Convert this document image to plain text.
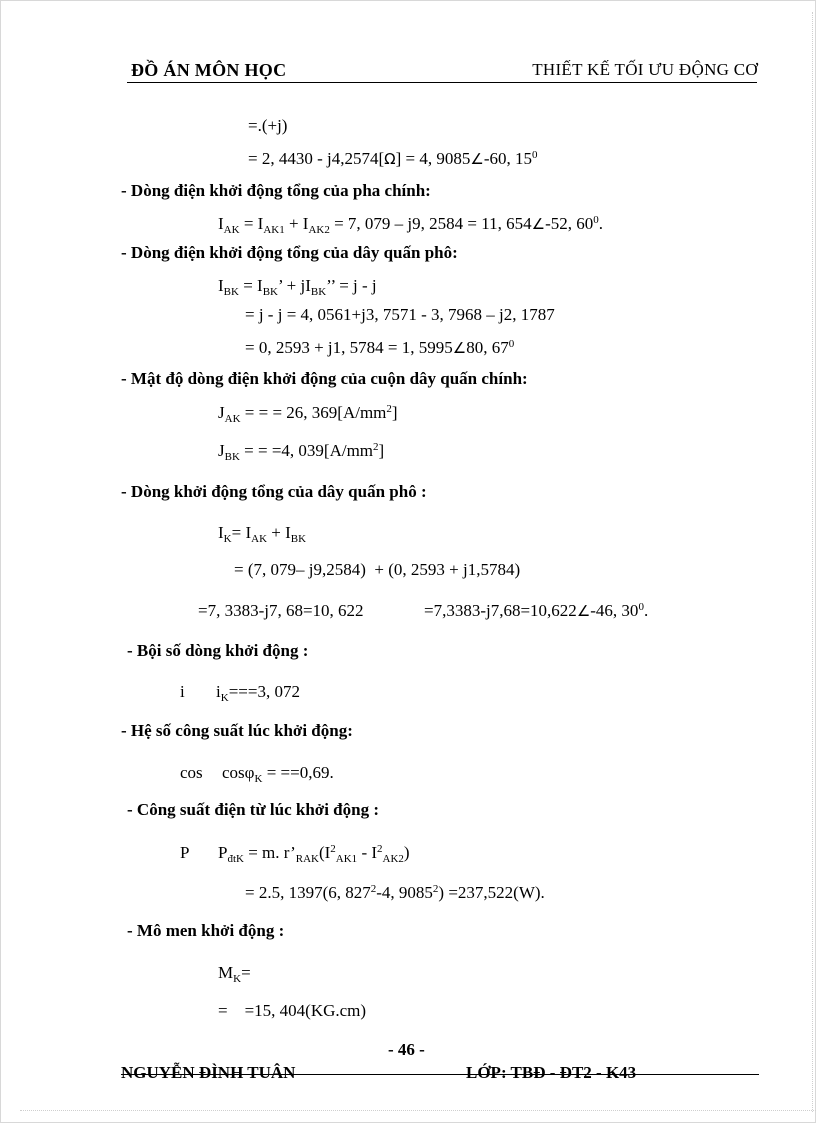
ĐỒ ÁN MÔN HỌC	THIẾT KẾ TỐI ƯU ĐỘNG CƠ
=.(+j)
= 2, 4430 - j4,2574[Ω] = 4, 9085∠-60, $15^0$
- Dòng điện khởi động tổng của pha chính:
$I_{AK} = I_{AK1} + I_{AK2} = 7$, 079 – j9, 2584 = 11, 654∠-52, $60^0$.
- Dòng điện khởi động tổng của dây quấn phô:
$I_{BK} = I_{BK}$’ + $jI_{BK}$’’ = j - j
= j - j = 4, 0561+j3, 7571 - 3, 7968 – j2, 1787
= 0, 2593 + j1, 5784 = 1, 5995∠80, $67^0$
- Mật độ dòng điện khởi động của cuộn dây quấn chính:
$J_{AK}$ = = = 26, $369[A/mm^2]$
$J_{BK}$ = = =4, $039[A/mm^2]$
- Dòng khởi động tổng của dây quấn phô :
$I_K= I_{AK} + I_{BK}$
= (7, 079– j9,2584)  + (0, 2593 + j1,5784)
=7, 3383-j7, 68=10, 622	=7,3383-j7,68=10,622∠-46, $30^0$.
- Bội số dòng khởi động :
i $i_K===3$, 072
- Hệ số công suất lúc khởi động:
cos cosφ$_K$ = ==0,69.
- Công suất điện từ lúc khởi động :
P $P_{đtK} = m$. $r’_{RAK}(I^2_{AK1} - I^2_{AK2})$
= 2.5, 1397(6, $827^2-4$, $9085^2) =237,522(W)$.
- Mô men khởi động :
$M_K=$
=    =15, 404(KG.cm)
- 46 -
NGUYỄN ĐÌNH TUÂN	LỚP: TBĐ - ĐT2 - K43
